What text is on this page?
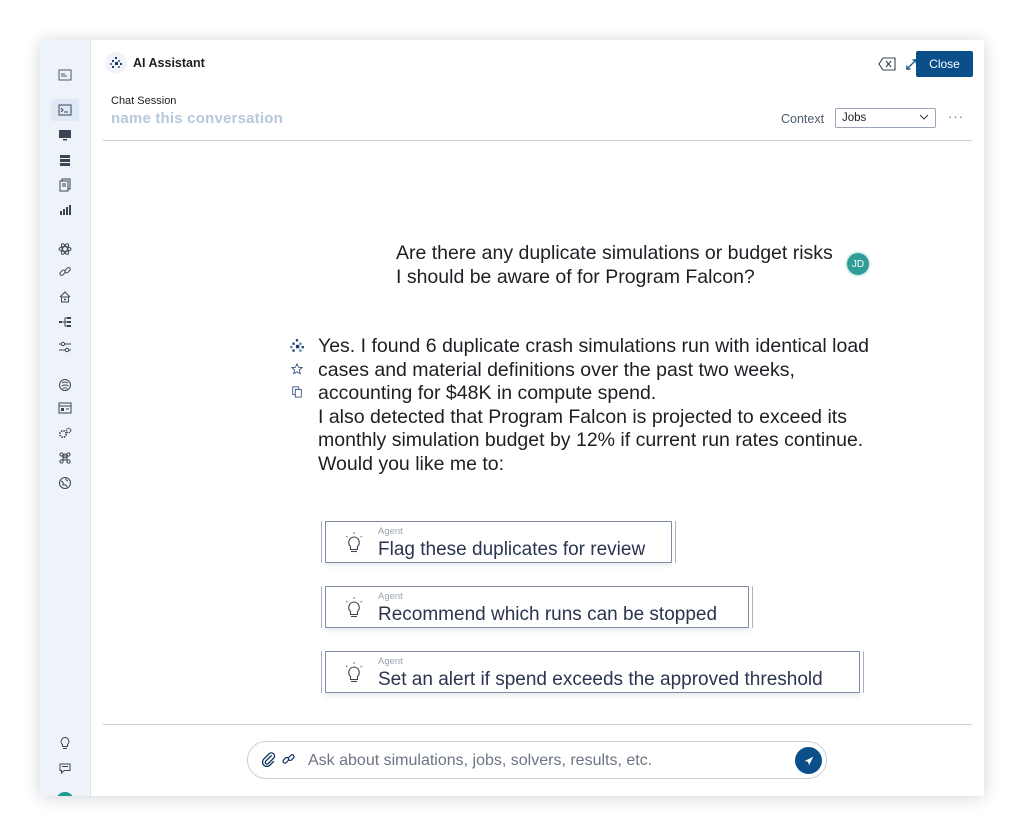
AI Assistant	Close
Chat Session
name this conversation	Context	Jobs	···
Are there any duplicate simulations or budget risks I should be aware of for Program Falcon?
JD

Yes. I found 6 duplicate crash simulations run with identical load cases and material definitions over the past two weeks, accounting for $48K in compute spend.

I also detected that Program Falcon is projected to exceed its monthly simulation budget by 12% if current run rates continue.

Would you like me to:

Agent
Flag these duplicates for review
Agent
Recommend which runs can be stopped
Agent
Set an alert if spend exceeds the approved threshold
Ask about simulations, jobs, solvers, results, etc.
